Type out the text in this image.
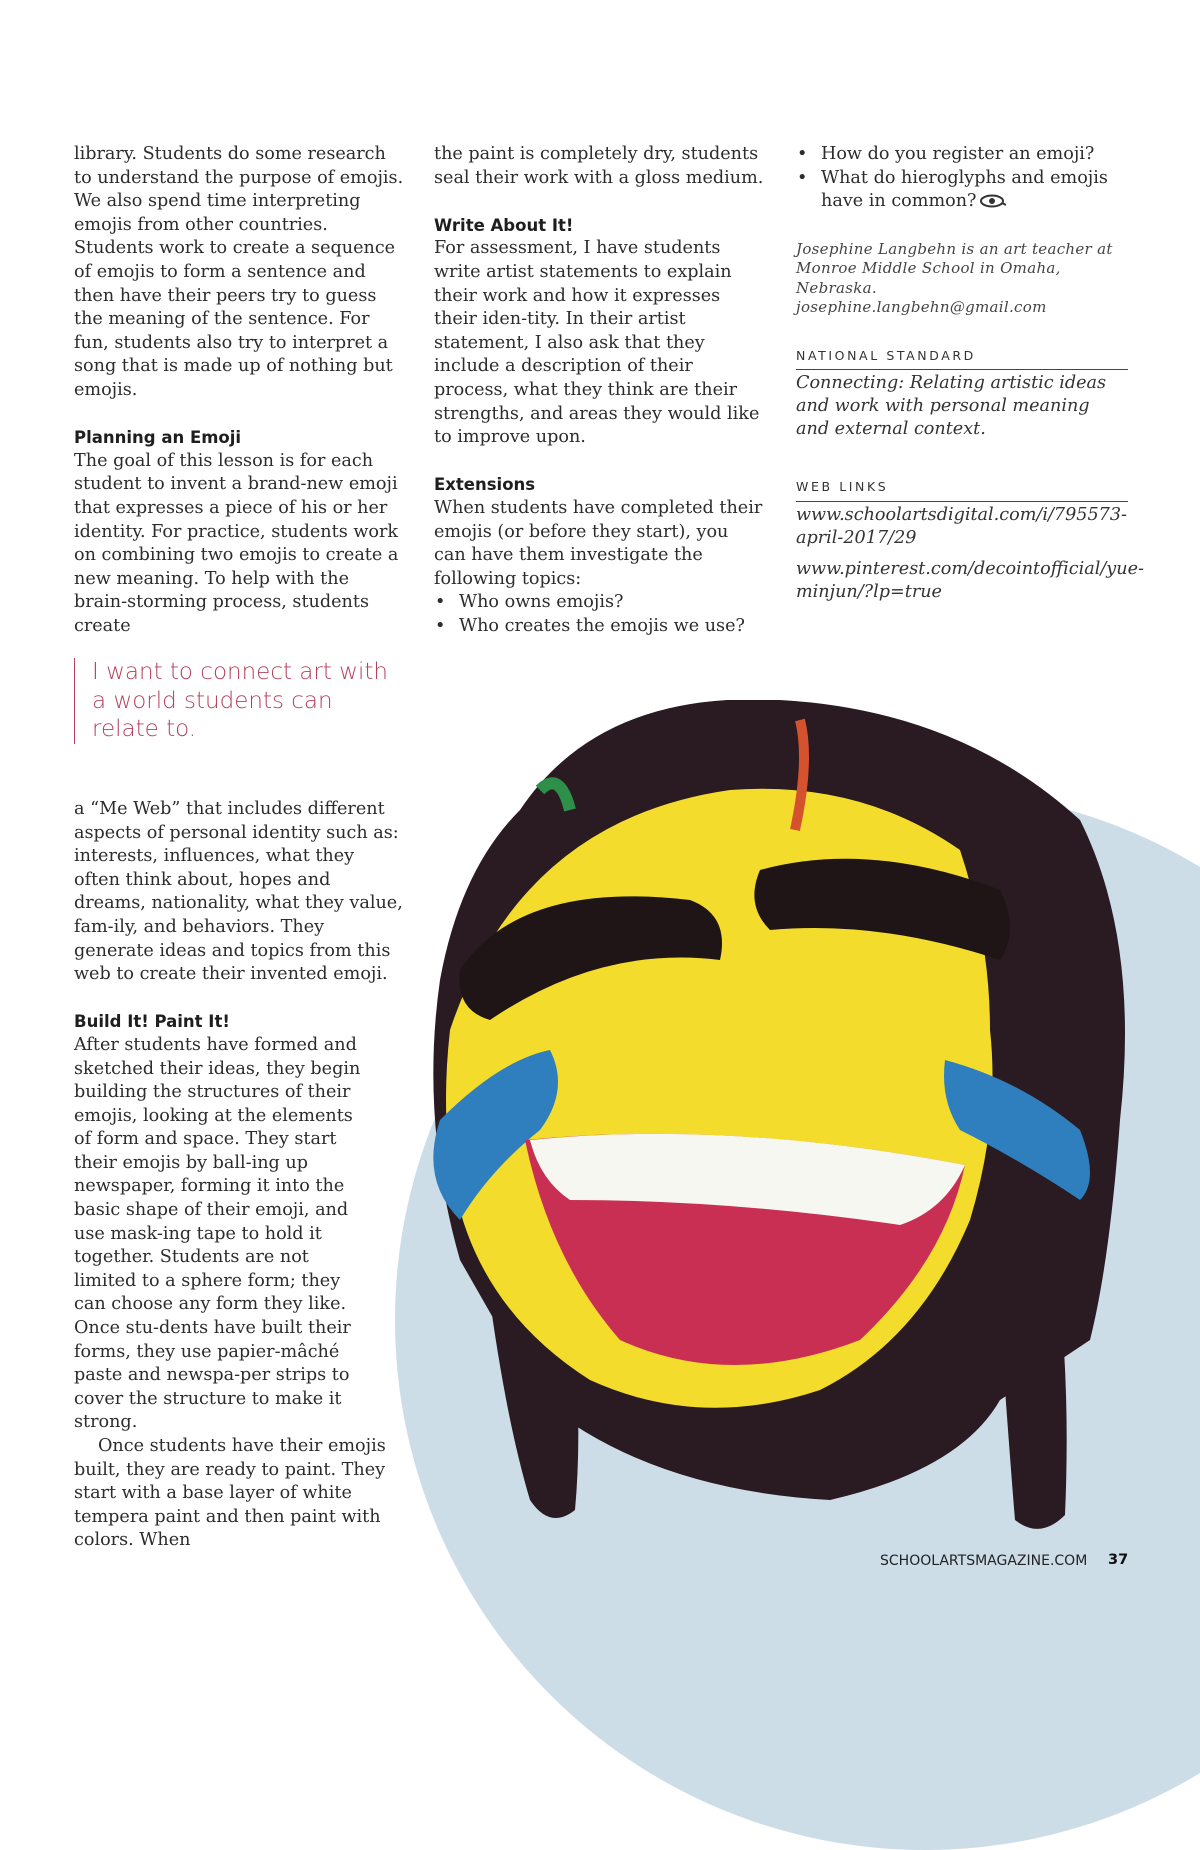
library. Students do some research to understand the purpose of emojis. We also spend time interpreting emojis from other countries. Students work to create a sequence of emojis to form a sentence and then have their peers try to guess the meaning of the sentence. For fun, students also try to interpret a song that is made up of nothing but emojis.

Planning an Emoji

The goal of this lesson is for each student to invent a brand-new emoji that expresses a piece of his or her identity. For practice, students work on combining two emojis to create a new meaning. To help with the brain-storming process, students create

I want to connect art with a world students can relate to.

a “Me Web” that includes different aspects of personal identity such as: interests, influences, what they often think about, hopes and dreams, nationality, what they value, fam-ily, and behaviors. They generate ideas and topics from this web to create their invented emoji.

Build It! Paint It!

After students have formed and sketched their ideas, they begin building the structures of their emojis, looking at the elements of form and space. They start their emojis by ball-ing up newspaper, forming it into the basic shape of their emoji, and use mask-ing tape to hold it together. Students are not limited to a sphere form; they can choose any form they like. Once stu-dents have built their forms, they use papier-mâché paste and newspa-per strips to cover the structure to make it strong.

Once students have their emojis built, they are ready to paint. They start with a base layer of white tempera paint and then paint with colors. When

the paint is completely dry, students seal their work with a gloss medium.

Write About It!

For assessment, I have students write artist statements to explain their work and how it expresses their iden-tity. In their artist statement, I also ask that they include a description of their process, what they think are their strengths, and areas they would like to improve upon.

Extensions

When students have completed their emojis (or before they start), you can have them investigate the following topics:

• Who owns emojis?
• Who creates the emojis we use?
• How do you register an emoji?
• What do hieroglyphs and emojis have in common?
Josephine Langbehn is an art teacher at Monroe Middle School in Omaha, Nebraska. josephine.langbehn@gmail.com
NATIONAL STANDARD
Connecting: Relating artistic ideas and work with personal meaning and external context.
WEB LINKS
www.schoolartsdigital.com/i/795573-april-2017/29
www.pinterest.com/decointofficial/yue-minjun/?lp=true
SCHOOLARTSMAGAZINE.COM 37
